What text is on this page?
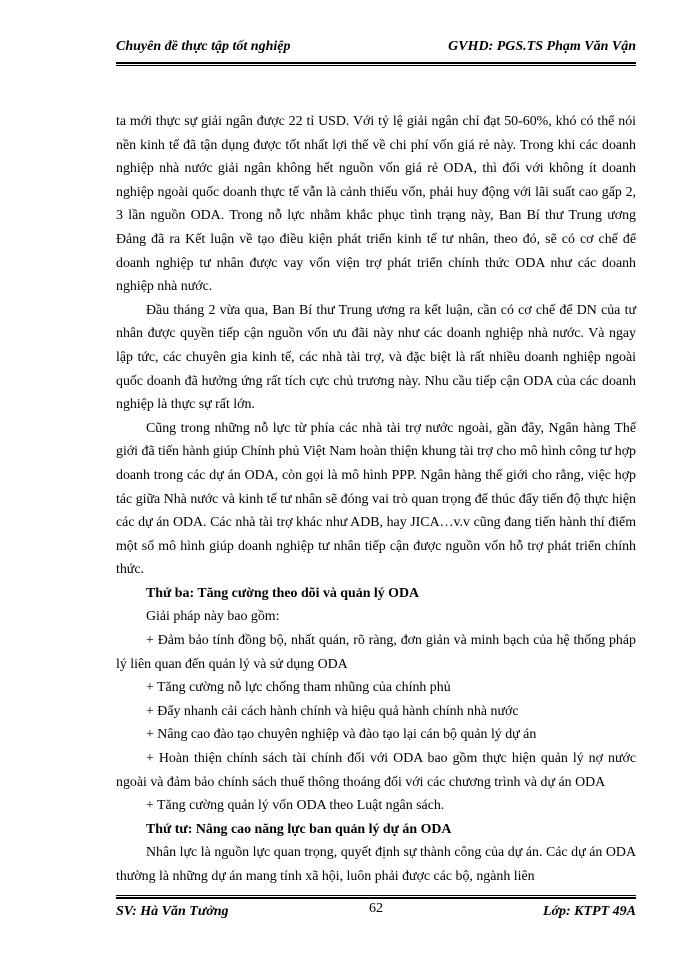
Chuyên đề thực tập tốt nghiệp	GVHD: PGS.TS Phạm Văn Vận

ta mới thực sự giải ngân được 22 tỉ USD. Với tỷ lệ giải ngân chỉ đạt 50-60%, khó có thể nói nền kinh tế đã tận dụng được tốt nhất lợi thế về chi phí vốn giá rẻ này. Trong khi các doanh nghiệp nhà nước giải ngân không hết nguồn vốn giá rẻ ODA, thì đối với không ít doanh nghiệp ngoài quốc doanh thực tế vẫn là cảnh thiếu vốn, phải huy động với lãi suất cao gấp 2, 3 lần nguồn ODA. Trong nỗ lực nhằm khắc phục tình trạng này, Ban Bí thư Trung ương Đảng đã ra Kết luận về tạo điều kiện phát triển kinh tế tư nhân, theo đó, sẽ có cơ chế để doanh nghiệp tư nhân được vay vốn viện trợ phát triển chính thức ODA như các doanh nghiệp nhà nước.

Đầu tháng 2 vừa qua, Ban Bí thư Trung ương ra kết luận, cần có cơ chế để DN của tư nhân được quyền tiếp cận nguồn vốn ưu đãi này như các doanh nghiệp nhà nước. Và ngay lập tức, các chuyên gia kinh tế, các nhà tài trợ, và đặc biệt là rất nhiều doanh nghiệp ngoài quốc doanh đã hưởng ứng rất tích cực chủ trương này. Nhu cầu tiếp cận ODA của các doanh nghiệp là thực sự rất lớn.

Cũng trong những nỗ lực từ phía các nhà tài trợ nước ngoài, gần đây, Ngân hàng Thế giới đã tiến hành giúp Chính phủ Việt Nam hoàn thiện khung tài trợ cho mô hình công tư hợp doanh trong các dự án ODA, còn gọi là mô hình PPP. Ngân hàng thế giới cho rằng, việc hợp tác giữa Nhà nước và kinh tế tư nhân sẽ đóng vai trò quan trọng để thúc đẩy tiến độ thực hiện các dự án ODA. Các nhà tài trợ khác như ADB, hay JICA…v.v cũng đang tiến hành thí điểm một số mô hình giúp doanh nghiệp tư nhân tiếp cận được nguồn vốn hỗ trợ phát triển chính thức.

Thứ ba: Tăng cường theo dõi và quản lý ODA

Giải pháp này bao gồm:

+ Đảm bảo tính đồng bộ, nhất quán, rõ ràng, đơn giản và minh bạch của hệ thống pháp lý liên quan đến quản lý và sử dụng ODA

+ Tăng cường nỗ lực chống tham nhũng của chính phủ

+ Đẩy nhanh cải cách hành chính và hiệu quả hành chính nhà nước

+ Nâng cao đào tạo chuyên nghiệp và đào tạo lại cán bộ quản lý dự án

+ Hoàn thiện chính sách tài chính đối với ODA bao gồm thực hiện quản lý nợ nước ngoài và đảm bảo chính sách thuế thông thoáng đối với các chương trình và dự án ODA

+ Tăng cường quản lý vốn ODA theo Luật ngân sách.

Thứ tư: Nâng cao năng lực ban quản lý dự án ODA

Nhân lực là nguồn lực quan trọng, quyết định sự thành công của dự án. Các dự án ODA thường là những dự án mang tính xã hội, luôn phải được các bộ, ngành liên

SV: Hà Văn Tưởng	62	Lớp: KTPT 49A
